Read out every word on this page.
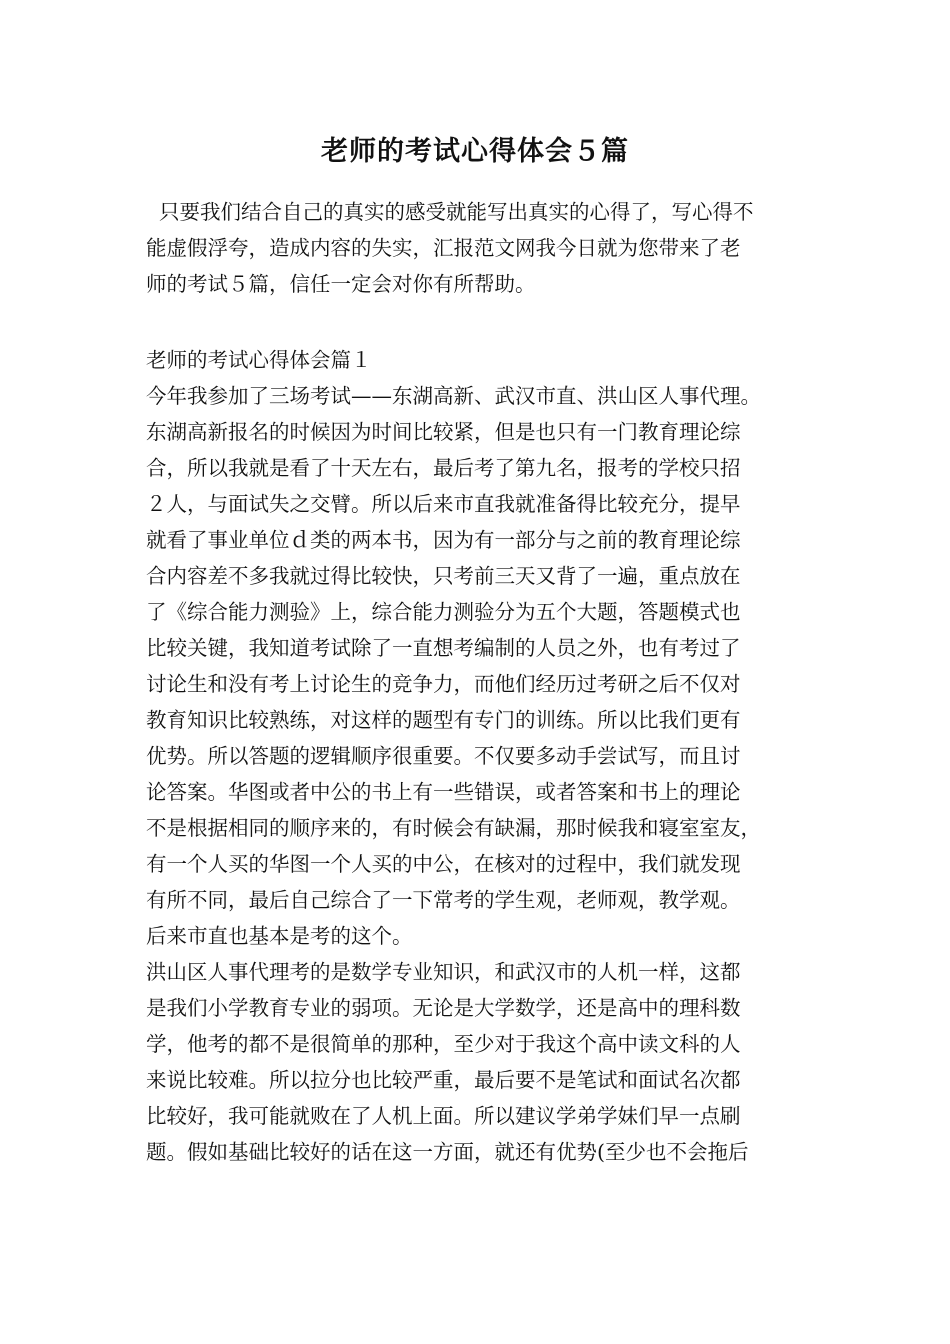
老师的考试心得体会５篇
只要我们结合自己的真实的感受就能写出真实的心得了，写心得不
能虚假浮夸，造成内容的失实，汇报范文网我今日就为您带来了老
师的考试５篇，信任一定会对你有所帮助。
老师的考试心得体会篇１
今年我参加了三场考试——东湖高新、武汉市直、洪山区人事代理。
东湖高新报名的时候因为时间比较紧，但是也只有一门教育理论综
合，所以我就是看了十天左右，最后考了第九名，报考的学校只招
２人，与面试失之交臂。所以后来市直我就准备得比较充分，提早
就看了事业单位ｄ类的两本书，因为有一部分与之前的教育理论综
合内容差不多我就过得比较快，只考前三天又背了一遍，重点放在
了《综合能力测验》上，综合能力测验分为五个大题，答题模式也
比较关键，我知道考试除了一直想考编制的人员之外，也有考过了
讨论生和没有考上讨论生的竞争力，而他们经历过考研之后不仅对
教育知识比较熟练，对这样的题型有专门的训练。所以比我们更有
优势。所以答题的逻辑顺序很重要。不仅要多动手尝试写，而且讨
论答案。华图或者中公的书上有一些错误，或者答案和书上的理论
不是根据相同的顺序来的，有时候会有缺漏，那时候我和寝室室友，
有一个人买的华图一个人买的中公，在核对的过程中，我们就发现
有所不同，最后自己综合了一下常考的学生观，老师观，教学观。
后来市直也基本是考的这个。
洪山区人事代理考的是数学专业知识，和武汉市的人机一样，这都
是我们小学教育专业的弱项。无论是大学数学，还是高中的理科数
学，他考的都不是很简单的那种，至少对于我这个高中读文科的人
来说比较难。所以拉分也比较严重，最后要不是笔试和面试名次都
比较好，我可能就败在了人机上面。所以建议学弟学妹们早一点刷
题。假如基础比较好的话在这一方面，就还有优势(至少也不会拖后
